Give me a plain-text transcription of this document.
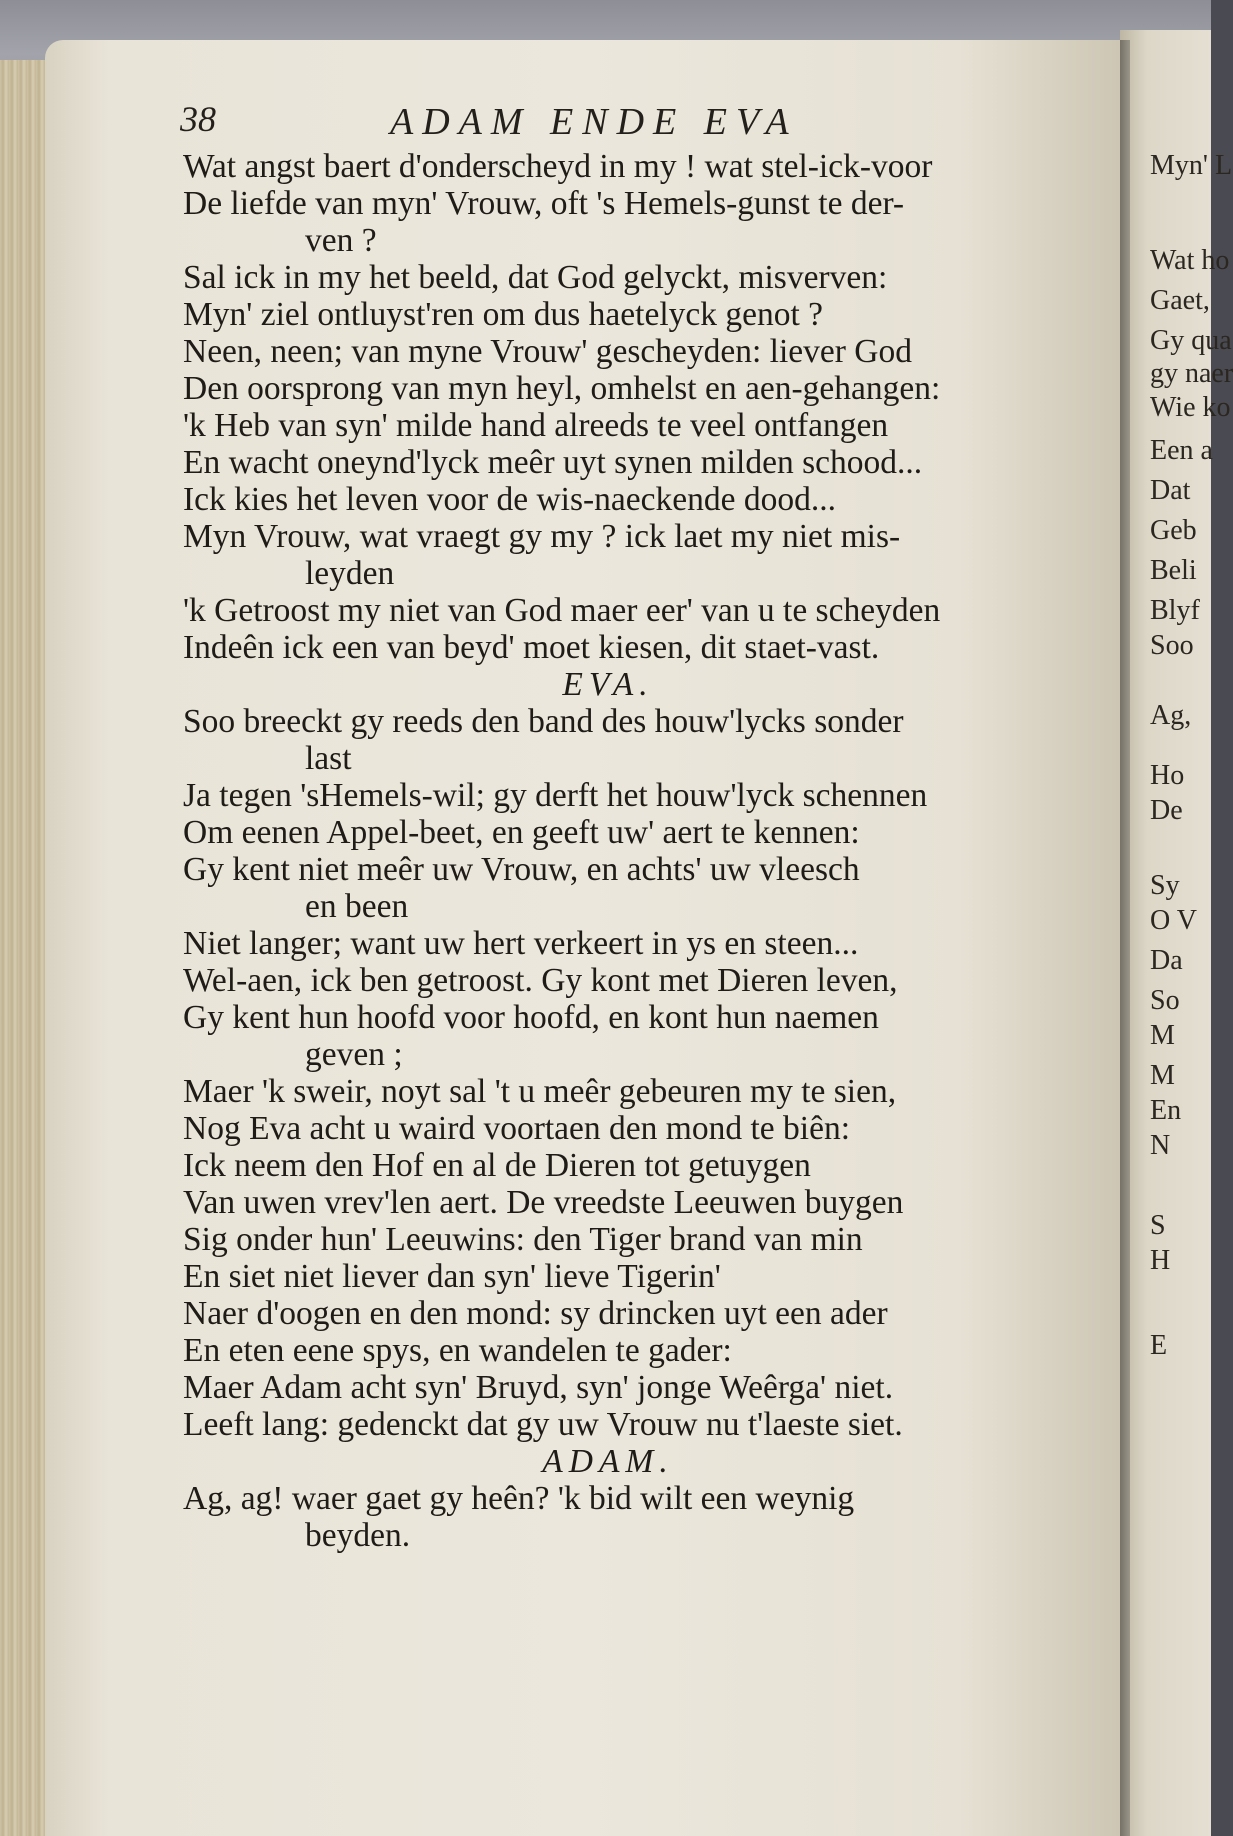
Myn' L
Wat ho
Gaet,
Gy qua
gy naer
Wie ko
Een a
Dat
Geb
Beli
Blyf
Soo
Ag,
Ho
De
Sy
O V
Da
So
M
M
En
N
S
H
E
38	ADAM ENDE EVA
Wat angst baert d'onderscheyd in my ! wat stel-ick-voor
De liefde van myn' Vrouw, oft 's Hemels-gunst te der-
ven ?
Sal ick in my het beeld, dat God gelyckt, misverven:
Myn' ziel ontluyst'ren om dus haetelyck genot ?
Neen, neen; van myne Vrouw' gescheyden: liever God
Den oorsprong van myn heyl, omhelst en aen-gehangen:
'k Heb van syn' milde hand alreeds te veel ontfangen
En wacht oneynd'lyck meêr uyt synen milden schood...
Ick kies het leven voor de wis-naeckende dood...
Myn Vrouw, wat vraegt gy my ? ick laet my niet mis-
leyden
'k Getroost my niet van God maer eer' van u te scheyden
Indeên ick een van beyd' moet kiesen, dit staet-vast.
EVA.
Soo breeckt gy reeds den band des houw'lycks sonder
last
Ja tegen 'sHemels-wil; gy derft het houw'lyck schennen
Om eenen Appel-beet, en geeft uw' aert te kennen:
Gy kent niet meêr uw Vrouw, en achts' uw vleesch
en been
Niet langer; want uw hert verkeert in ys en steen...
Wel-aen, ick ben getroost. Gy kont met Dieren leven,
Gy kent hun hoofd voor hoofd, en kont hun naemen
geven ;
Maer 'k sweir, noyt sal 't u meêr gebeuren my te sien,
Nog Eva acht u waird voortaen den mond te biên:
Ick neem den Hof en al de Dieren tot getuygen
Van uwen vrev'len aert. De vreedste Leeuwen buygen
Sig onder hun' Leeuwins: den Tiger brand van min
En siet niet liever dan syn' lieve Tigerin'
Naer d'oogen en den mond: sy drincken uyt een ader
En eten eene spys, en wandelen te gader:
Maer Adam acht syn' Bruyd, syn' jonge Weêrga' niet.
Leeft lang: gedenckt dat gy uw Vrouw nu t'laeste siet.
ADAM.
Ag, ag! waer gaet gy heên? 'k bid wilt een weynig
beyden.
